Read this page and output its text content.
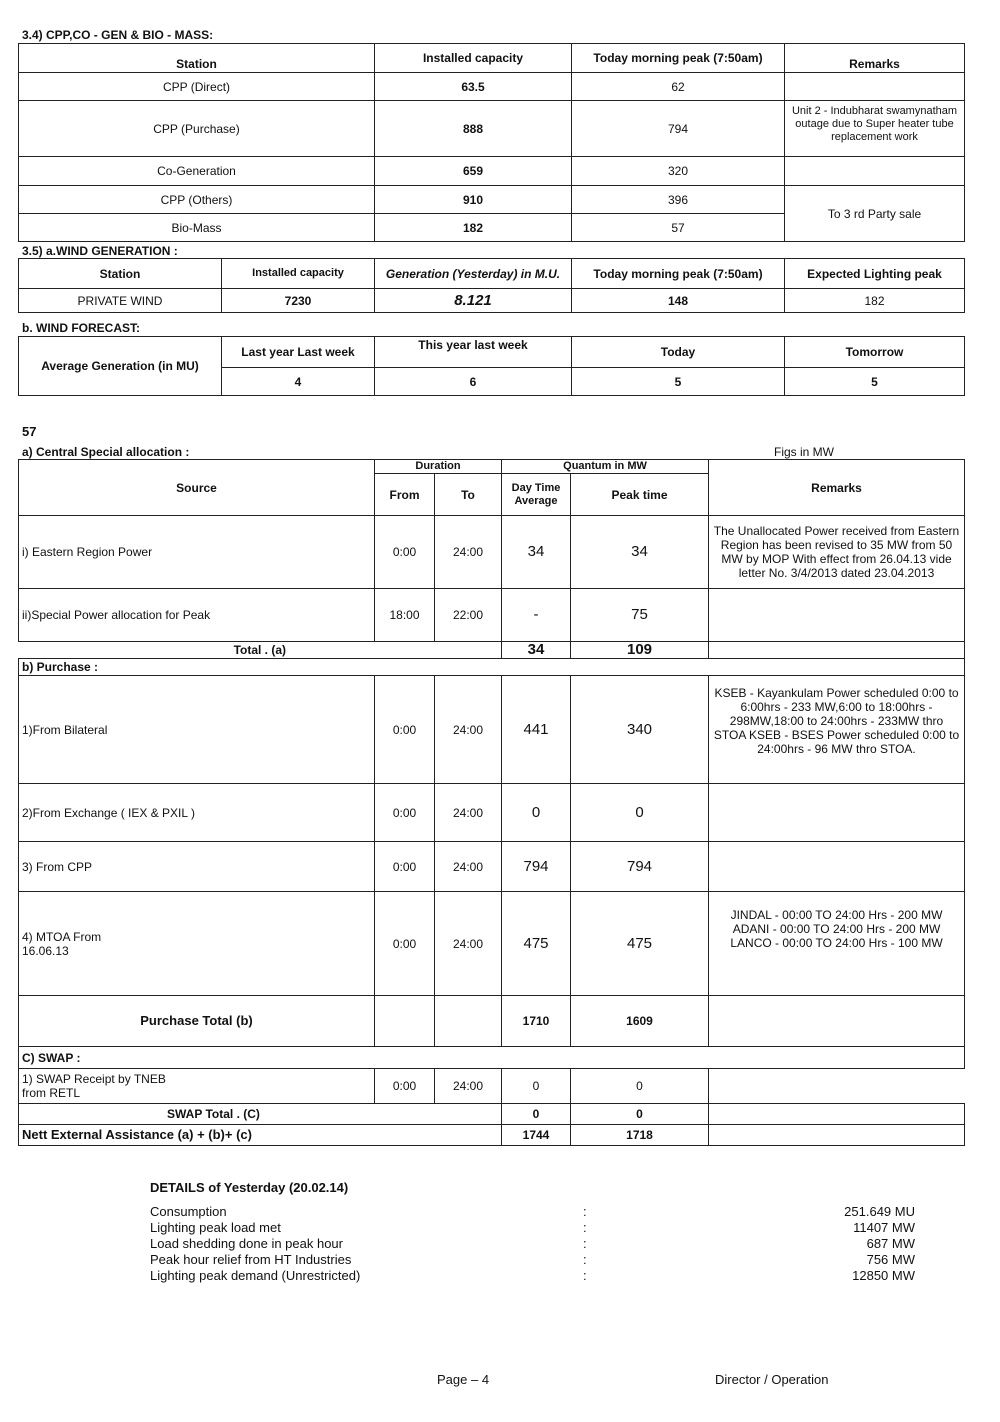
3.4) CPP,CO - GEN & BIO - MASS:
Station	Installed capacity	Today morning peak (7:50am)	Remarks
CPP (Direct)	63.5	62	
CPP (Purchase)	888	794	Unit 2 - Indubharat swamynatham outage due to Super heater tube replacement work
Co-Generation	659	320	
CPP (Others)	910	396	To 3 rd Party sale
Bio-Mass	182	57	
3.5) a.WIND GENERATION :
Station	Installed capacity	Generation (Yesterday) in M.U.	Today morning peak (7:50am)	Expected Lighting peak
PRIVATE WIND	7230	8.121	148	182
b. WIND FORECAST:
Average Generation (in MU)	Last year Last week	This year last week	Today	Tomorrow
	4	6	5	5
57
a) Central Special allocation :	Figs in MW
Source	Duration		Quantum in MW		Remarks
	From	To	Day Time Average	Peak time	
i) Eastern Region Power	0:00	24:00	34	34	The Unallocated Power received from Eastern Region has been revised to 35 MW from 50 MW by MOP With effect from 26.04.13 vide letter No. 3/4/2013 dated 23.04.2013
ii)Special Power allocation for Peak	18:00	22:00	-	75	
Total . (a)			34	109	
b) Purchase :					
1)From Bilateral	0:00	24:00	441	340	KSEB - Kayankulam Power scheduled 0:00 to 6:00hrs - 233 MW,6:00 to 18:00hrs - 298MW,18:00 to 24:00hrs - 233MW thro STOA KSEB - BSES Power scheduled 0:00 to 24:00hrs - 96 MW thro STOA.
2)From Exchange ( IEX & PXIL )	0:00	24:00	0	0	
3) From CPP	0:00	24:00	794	794	
4) MTOA From 16.06.13	0:00	24:00	475	475	JINDAL - 00:00 TO 24:00 Hrs - 200 MW ADANI - 00:00 TO 24:00 Hrs - 200 MW LANCO - 00:00 TO 24:00 Hrs - 100 MW
Purchase Total (b)			1710	1609	
C) SWAP :					
1) SWAP Receipt by TNEB from RETL	0:00	24:00	0	0	
SWAP Total . (C)			0	0	
Nett External Assistance (a) + (b)+ (c)			1744	1718	
DETAILS of Yesterday (20.02.14)
Consumption	:	251.649 MU
Lighting peak load met	:	11407 MW
Load shedding done in peak hour	:	687 MW
Peak hour relief from HT Industries	:	756 MW
Lighting peak demand (Unrestricted)	:	12850 MW
Page – 4	Director / Operation
